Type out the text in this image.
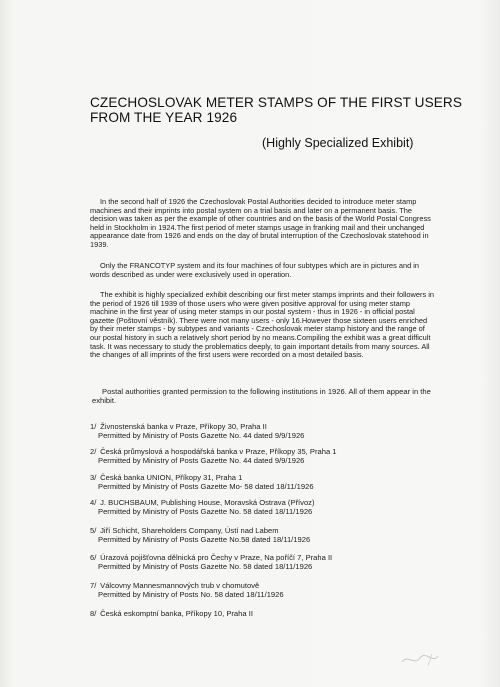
CZECHOSLOVAK METER STAMPS OF THE FIRST USERS FROM THE YEAR 1926
(Highly Specialized Exhibit)
In the second half of 1926 the Czechoslovak Postal Authorities decided to introduce meter stamp machines and their imprints into postal system on a trial basis and later on a permanent basis. The decision was taken as per the example of other countries and on the basis of the World Postal Congress held in Stockholm in 1924.The first period of meter stamps usage in franking mail and their unchanged appearance date from 1926 and ends on the day of brutal interruption of the Czechoslovak statehood in 1939.
Only the FRANCOTYP system and its four machines of four subtypes which are in pictures and in words described as under were exclusively used in operation.
The exhibit is highly specialized exhibit describing our first meter stamps imprints and their followers in the period of 1926 till 1939 of those users who were given positive approval for using meter stamp machine in the first year of using meter stamps in our postal system - thus in 1926 - in official postal gazette (Poštovní věstník). There were not many users - only 16.However those sixteen users enriched by their meter stamps - by subtypes and variants - Czechoslovak meter stamp history and the range of our postal history in such a relatively short period by no means.Compiling the exhibit was a great difficult task. It was necessary to study the problematics deeply, to gain important details from many sources. All the changes of all imprints of the first users were recorded on a most detailed basis.
Postal authorities granted permission to the following institutions in 1926. All of them appear in the exhibit.
1/ Živnostenská banka v Praze, Příkopy 30, Praha II
Permitted by Ministry of Posts Gazette No. 44 dated 9/9/1926
2/ Česká průmyslová a hospodářská banka v Praze, Příkopy 35, Praha 1
Permitted by Ministry of Posts Gazette No. 44 dated 9/9/1926
3/ Česká banka UNION, Příkopy 31, Praha 1
Permitted by Ministry of Posts Gazette Mo- 58 dated 18/11/1926
4/ J. BUCHSBAUM, Publishing House, Moravská Ostrava (Přívoz)
Permitted by Ministry of Posts Gazette No. 58 dated 18/11/1926
5/ Jiří Schicht, Shareholders Company, Ústí nad Labem
Permitted by Ministry of Posts Gazette No.58 dated 18/11/1926
6/ Úrazová pojišťovna dělnická pro Čechy v Praze, Na poříčí 7, Praha II
Permitted by Ministry of Posts Gazette No. 58 dated 18/11/1926
7/ Válcovny Mannesmannových trub v chomutově
Permitted by Ministry of Posts No. 58 dated 18/11/1926
8/ Česká eskomptní banka, Příkopy 10, Praha II
